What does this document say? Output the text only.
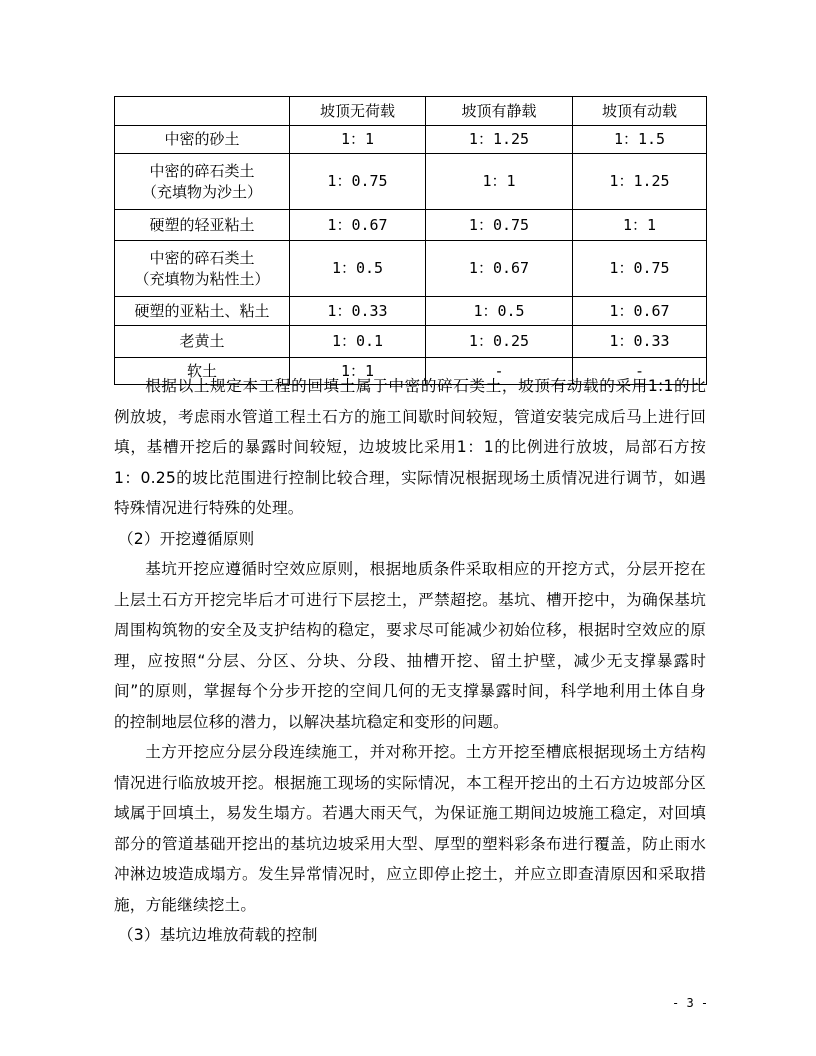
	坡顶无荷载	坡顶有静载	坡顶有动载
中密的砂土	1：1	1：1.25	1：1.5
中密的碎石类土
（充填物为沙土）	1：0.75	1：1	1：1.25
硬塑的轻亚粘土	1：0.67	1：0.75	1：1
中密的碎石类土
（充填物为粘性土）	1：0.5	1：0.67	1：0.75
硬塑的亚粘土、粘土	1：0.33	1：0.5	1：0.67
老黄土	1：0.1	1：0.25	1：0.33
软土	1：1	-	-

根据以上规定本工程的回填土属于中密的碎石类土，坡顶有动载的采用1:1的比例放坡，考虑雨水管道工程土石方的施工间歇时间较短，管道安装完成后马上进行回填，基槽开挖后的暴露时间较短，边坡坡比采用1：1的比例进行放坡，局部石方按1：0.25的坡比范围进行控制比较合理，实际情况根据现场土质情况进行调节，如遇特殊情况进行特殊的处理。

（2）开挖遵循原则

基坑开挖应遵循时空效应原则，根据地质条件采取相应的开挖方式，分层开挖在上层土石方开挖完毕后才可进行下层挖土，严禁超挖。基坑、槽开挖中，为确保基坑周围构筑物的安全及支护结构的稳定，要求尽可能减少初始位移，根据时空效应的原理，应按照“分层、分区、分块、分段、抽槽开挖、留土护壁，减少无支撑暴露时间”的原则，掌握每个分步开挖的空间几何的无支撑暴露时间，科学地利用土体自身的控制地层位移的潜力，以解决基坑稳定和变形的问题。

土方开挖应分层分段连续施工，并对称开挖。土方开挖至槽底根据现场土方结构情况进行临放坡开挖。根据施工现场的实际情况，本工程开挖出的土石方边坡部分区域属于回填土，易发生塌方。若遇大雨天气，为保证施工期间边坡施工稳定，对回填部分的管道基础开挖出的基坑边坡采用大型、厚型的塑料彩条布进行覆盖，防止雨水冲淋边坡造成塌方。发生异常情况时，应立即停止挖土，并应立即查清原因和采取措施，方能继续挖土。

（3）基坑边堆放荷载的控制

- 3 -
